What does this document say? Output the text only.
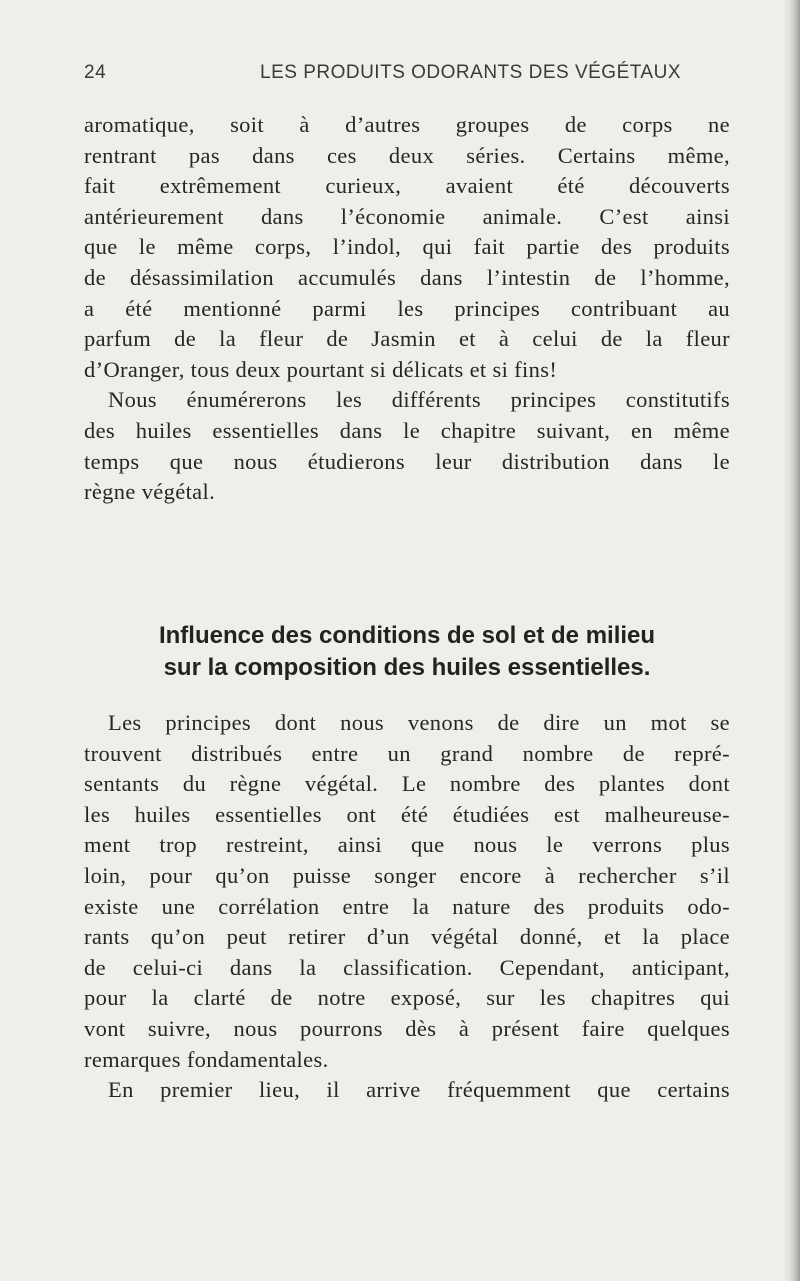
24	LES PRODUITS ODORANTS DES VÉGÉTAUX
aromatique, soit à d’autres groupes de corps ne
rentrant pas dans ces deux séries. Certains même,
fait extrêmement curieux, avaient été découverts
antérieurement dans l’économie animale. C’est ainsi
que le même corps, l’indol, qui fait partie des produits
de désassimilation accumulés dans l’intestin de l’homme,
a été mentionné parmi les principes contribuant au
parfum de la fleur de Jasmin et à celui de la fleur
d’Oranger, tous deux pourtant si délicats et si fins!
Nous énumérerons les différents principes constitutifs
des huiles essentielles dans le chapitre suivant, en même
temps que nous étudierons leur distribution dans le
règne végétal.
Influence des conditions de sol et de milieu
sur la composition des huiles essentielles.
Les principes dont nous venons de dire un mot se
trouvent distribués entre un grand nombre de repré-
sentants du règne végétal. Le nombre des plantes dont
les huiles essentielles ont été étudiées est malheureuse-
ment trop restreint, ainsi que nous le verrons plus
loin, pour qu’on puisse songer encore à rechercher s’il
existe une corrélation entre la nature des produits odo-
rants qu’on peut retirer d’un végétal donné, et la place
de celui-ci dans la classification. Cependant, anticipant,
pour la clarté de notre exposé, sur les chapitres qui
vont suivre, nous pourrons dès à présent faire quelques
remarques fondamentales.
En premier lieu, il arrive fréquemment que certains
